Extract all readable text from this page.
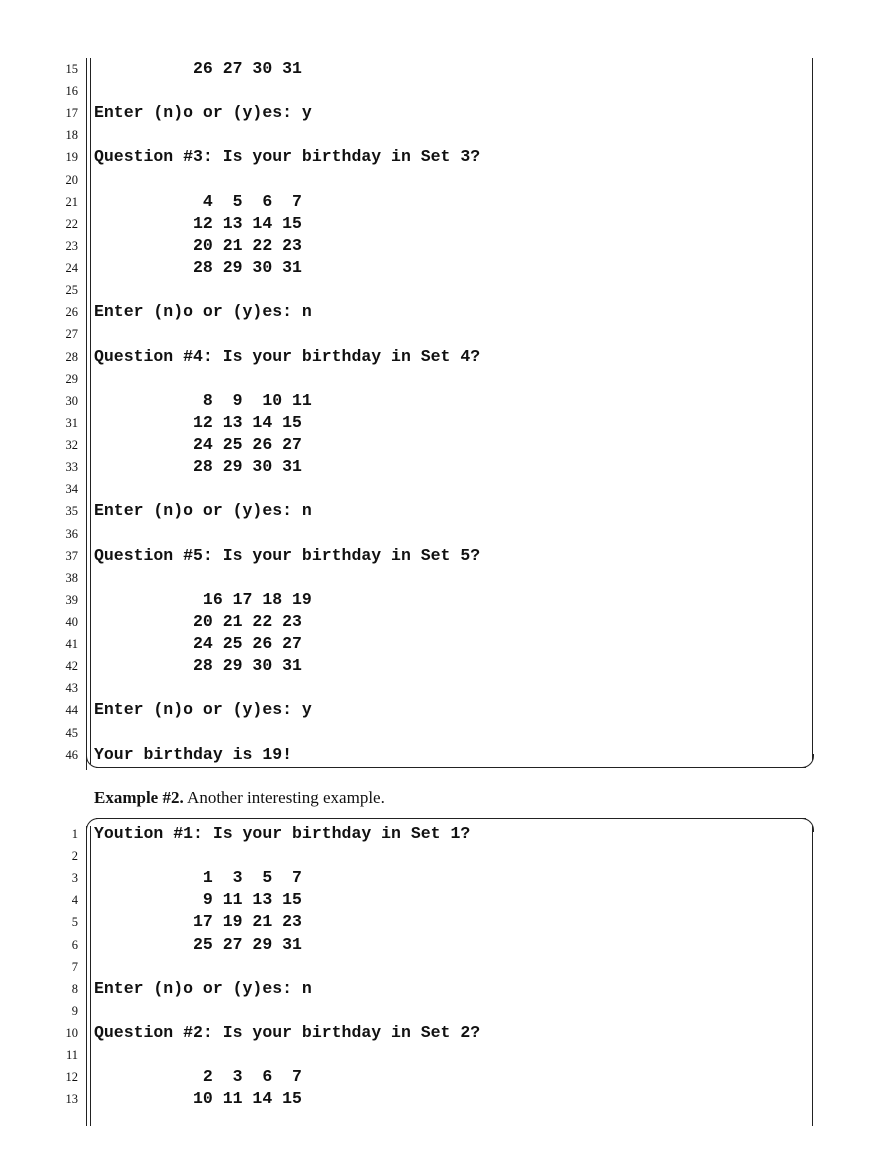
15 26 27 30 31
16
17 Enter (n)o or (y)es: y
18
19 Question #3: Is your birthday in Set 3?
20
21 4  5  6  7
22 12 13 14 15
23 20 21 22 23
24 28 29 30 31
25
26 Enter (n)o or (y)es: n
27
28 Question #4: Is your birthday in Set 4?
29
30 8  9  10 11
31 12 13 14 15
32 24 25 26 27
33 28 29 30 31
34
35 Enter (n)o or (y)es: n
36
37 Question #5: Is your birthday in Set 5?
38
39 16 17 18 19
40 20 21 22 23
41 24 25 26 27
42 28 29 30 31
43
44 Enter (n)o or (y)es: y
45
46 Your birthday is 19!
Example #2. Another interesting example.
1 Yoution #1: Is your birthday in Set 1?
2
3 1  3  5  7
4 9 11 13 15
5 17 19 21 23
6 25 27 29 31
7
8 Enter (n)o or (y)es: n
9
10 Question #2: Is your birthday in Set 2?
11
12 2  3  6  7
13 10 11 14 15
